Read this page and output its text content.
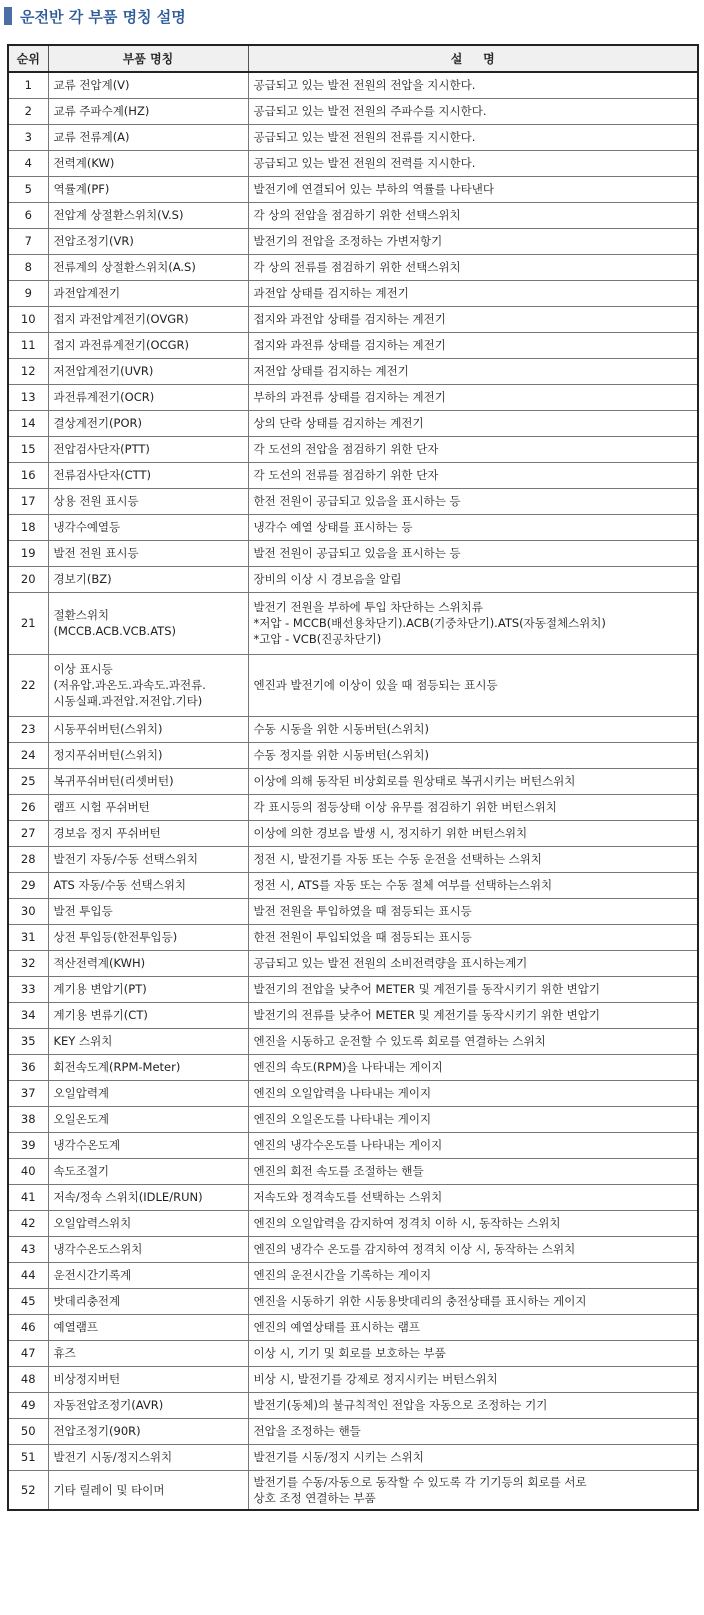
운전반 각 부품 명칭 설명
순위	부품 명칭	설     명
1	교류 전압계(V)	공급되고 있는 발전 전원의 전압을 지시한다.

2	교류 주파수계(HZ)	공급되고 있는 발전 전원의 주파수를 지시한다.

3	교류 전류계(A)	공급되고 있는 발전 전원의 전류를 지시한다.

4	전력계(KW)	공급되고 있는 발전 전원의 전력를 지시한다.

5	역률계(PF)	발전기에 연결되어 있는 부하의 역률를 나타낸다

6	전압계 상절환스위치(V.S)	각 상의 전압을 점검하기 위한 선택스위치

7	전압조정기(VR)	발전기의 전압을 조정하는 가변저항기

8	전류계의 상절환스위치(A.S)	각 상의 전류를 점검하기 위한 선택스위치

9	과전압계전기	과전압 상태를 검지하는 계전기

10	접지 과전압계전기(OVGR)	접지와 과전압 상태를 검지하는 계전기

11	접지 과전류계전기(OCGR)	접지와 과전류 상태를 검지하는 계전기

12	저전압계전기(UVR)	저전압 상태를 검지하는 계전기

13	과전류계전기(OCR)	부하의 과전류 상태를 검지하는 계전기

14	결상계전기(POR)	상의 단락 상태를 검지하는 계전기

15	전압검사단자(PTT)	각 도선의 전압을 점검하기 위한 단자

16	전류검사단자(CTT)	각 도선의 전류를 점검하기 위한 단자

17	상용 전원 표시등	한전 전원이 공급되고 있음을 표시하는 등

18	냉각수예열등	냉각수 예열 상태를 표시하는 등

19	발전 전원 표시등	발전 전원이 공급되고 있음을 표시하는 등

20	경보기(BZ)	장비의 이상 시 경보음을 알림

21	절환스위치
(MCCB.ACB.VCB.ATS)	발전기 전원을 부하에 투입 차단하는 스위치류
*저압 - MCCB(배선용차단기).ACB(기중차단기).ATS(자동절체스위치)
*고압 - VCB(진공차단기)

22	이상 표시등
(저유압.과온도.과속도.과전류.
시동실패.과전압.저전압.기타)	엔진과 발전기에 이상이 있을 때 점등되는 표시등

23	시동푸쉬버턴(스위치)	수동 시동을 위한 시동버턴(스위치)

24	정지푸쉬버턴(스위치)	수동 정지를 위한 시동버턴(스위치)

25	복귀푸쉬버턴(리셋버턴)	이상에 의해 동작된 비상회로를 원상태로 복귀시키는 버턴스위치

26	램프 시험 푸쉬버턴	각 표시등의 점등상태 이상 유무를 점검하기 위한 버턴스위치

27	경보음 정지 푸쉬버턴	이상에 의한 경보음 발생 시, 정지하기 위한 버턴스위치

28	발전기 자동/수동 선택스위치	정전 시, 발전기를 자동 또는 수동 운전을 선택하는 스위치

29	ATS 자동/수동 선택스위치	정전 시, ATS를 자동 또는 수동 절체 여부를 선택하는스위치

30	발전 투입등	발전 전원을 투입하였을 때 점등되는 표시등

31	상전 투입등(한전투입등)	한전 전원이 투입되었을 때 점등되는 표시등

32	적산전력계(KWH)	공급되고 있는 발전 전원의 소비전력량을 표시하는계기

33	계기용 변압기(PT)	발전기의 전압을 낮추어 METER 및 계전기를 동작시키기 위한 변압기

34	계기용 변류기(CT)	발전기의 전류를 낮추어 METER 및 계전기를 동작시키기 위한 변압기

35	KEY 스위치	엔진을 시동하고 운전할 수 있도록 회로를 연결하는 스위치

36	회전속도계(RPM-Meter)	엔진의 속도(RPM)을 나타내는 게이지

37	오일압력계	엔진의 오일압력을 나타내는 게이지

38	오일온도계	엔진의 오일온도를 나타내는 게이지

39	냉각수온도계	엔진의 냉각수온도를 나타내는 게이지

40	속도조절기	엔진의 회전 속도를 조절하는 핸들

41	저속/정속 스위치(IDLE/RUN)	저속도와 정격속도를 선택하는 스위치

42	오일압력스위치	엔진의 오일압력을 감지하여 정격치 이하 시, 동작하는 스위치

43	냉각수온도스위치	엔진의 냉각수 온도를 감지하여 정격치 이상 시, 동작하는 스위치

44	운전시간기록계	엔진의 운전시간을 기록하는 게이지

45	밧데리충전계	엔진을 시동하기 위한 시동용밧데리의 충전상태를 표시하는 게이지

46	예열램프	엔진의 예열상태를 표시하는 램프

47	휴즈	이상 시, 기기 및 회로를 보호하는 부품

48	비상정지버턴	비상 시, 발전기를 강제로 정지시키는 버턴스위치

49	자동전압조정기(AVR)	발전기(동체)의 불규칙적인 전압을 자동으로 조정하는 기기

50	전압조정기(90R)	전압을 조정하는 핸들

51	발전기 시동/정지스위치	발전기를 시동/정지 시키는 스위치

52	기타 릴레이 및 타이머	발전기를 수동/자동으로 동작할 수 있도록 각 기기등의 회로를 서로
상호 조정 연결하는 부품
